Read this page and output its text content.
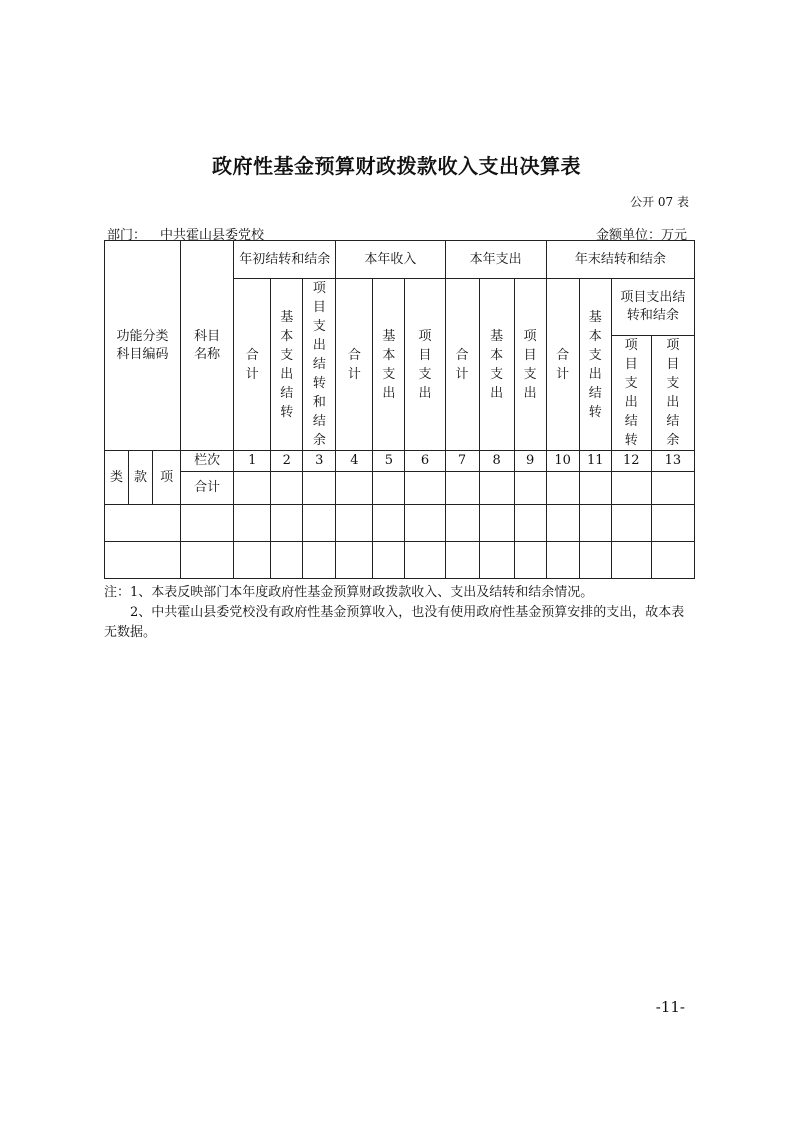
政府性基金预算财政拨款收入支出决算表
公开 07 表
部门： 中共霍山县委党校	金额单位：万元
功能分类科目编码			科目名称	年初结转和结余			本年收入			本年支出			年末结转和结余			
				合计	基本支出结转	项目支出结转和结余	合计	基本支出	项目支出	合计	基本支出	项目支出	合计	基本支出结转	项目支出结转和结余	
															项目支出结转	项目支出结余
类	款	项	栏次	1	2	3	4	5	6	7	8	9	10	11	12	13
			合计													

注：1、本表反映部门本年度政府性基金预算财政拨款收入、支出及结转和结余情况。

2、中共霍山县委党校没有政府性基金预算收入，也没有使用政府性基金预算安排的支出，故本表无数据。

-11-
